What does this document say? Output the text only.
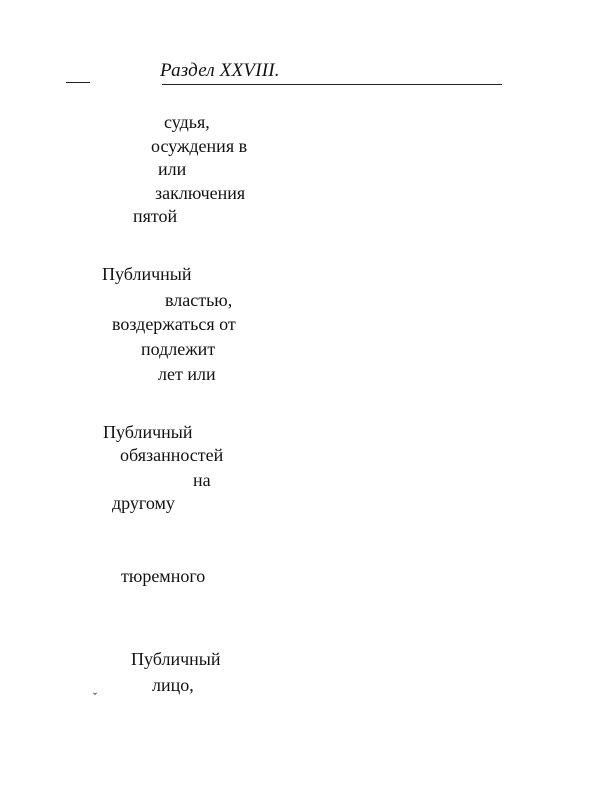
Раздел XXVIII.
судья,
осуждения в
или
заключения
пятой
Публичный
властью,
воздержаться от
подлежит
лет или
Публичный
обязанностей
на
другому
тюремного
Публичный
лицо,
ˇ
